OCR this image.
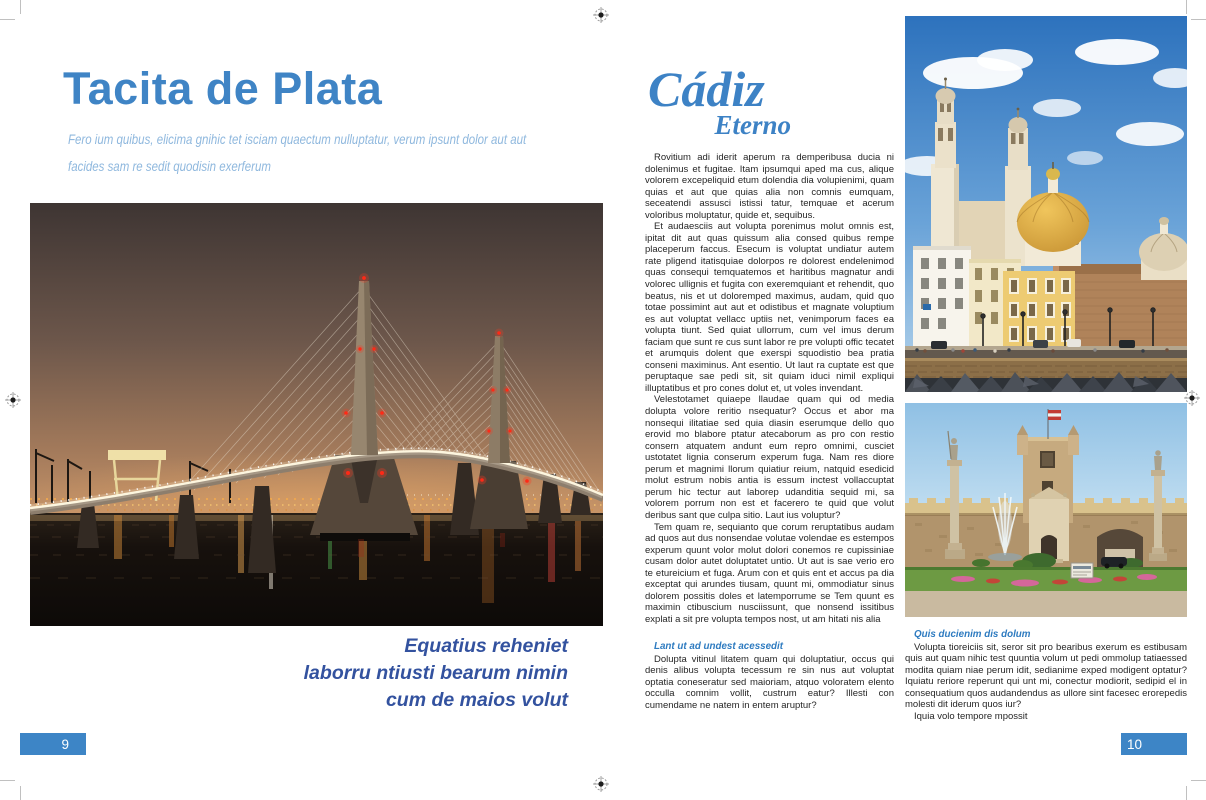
Tacita de Plata
Fero ium quibus, elicima gnihic tet isciam quaectum nulluptatur, verum ipsunt dolor aut aut
facides sam re sedit quodisin exerferum
Equatius reheniet
laborru ntiusti bearum nimin
cum de maios volut
9
Cádiz
Eterno

Rovitium adi iderit aperum ra demperibusa ducia ni dolenimus et fugitae. Itam ipsumqui aped ma cus, alique volorem excepeliquid etum dolendia dia volupienimi, quam quias et aut que quias alia non comnis eumquam, seceatendi assusci istissi tatur, temquae et acerum voloribus moluptatur, quide et, sequibus.

Et audaesciis aut volupta porenimus molut omnis est, ipitat dit aut quas quissum alia consed quibus rempe placeperum faccus. Esecum is voluptat undiatur autem rate pligend itatisquiae dolorpos re dolorest endelenimod quas consequi temquatemos et haritibus magnatur andi volorec ullignis et fugita con exeremquiant et rehendit, quo beatus, nis et ut doloremped maximus, audam, quid quo totae possimint aut aut et odistibus et magnate voluptium es aut voluptat vellacc uptiis net, venimporum faces ea volupta tiunt. Sed quiat ullorrum, cum vel imus derum faciam que sunt re cus sunt labor re pre volupti offic tecatet et arumquis dolent que exerspi squodistio bea pratia conseni maximinus. Ant esentio. Ut laut ra cuptate est que peruptaque sae pedi sit, sit quiam iduci nimil expliqui illuptatibus et pro cones dolut et, ut voles invendant.

Velestotamet quiaepe llaudae quam qui od media dolupta volore reritio nsequatur? Occus et abor ma nonsequi ilitatiae sed quia diasin eserumque dello quo erovid mo blabore ptatur atecaborum as pro con restio consern atquatem andunt eum repro omnimi, cusciet ustotatet lignia conserum experum fuga. Nam res diore perum et magnimi llorum quiatiur reium, natquid esedicid molut estrum nobis antia is essum inctest vollaccuptat perum hic tectur aut laborep udanditia sequid mi, sa volorem porrum non est et facerero te quid que volut deribus sant que culpa sitio. Laut ius voluptur?

Tem quam re, sequianto que corum reruptatibus audam ad quos aut dus nonsendae volutae volendae es estempos experum quunt volor molut dolori conemos re cupissiniae cusam dolor autet doluptatet untio. Ut aut is sae verio ero te etureicium et fuga. Arum con et quis ent et accus pa dia exceptat qui arundes tiusam, quunt mi, ommodiatur sinus dolorem possitis doles et latemporrume se Tem quunt es maximin ctibuscium nusciissunt, que nonsend issitibus explati a sit pre volupta tempos nost, ut am hitati nis alia

Lant ut ad undest acessedit

Dolupta vitinul litatem quam qui doluptatiur, occus qui denis alibus volupta tecessum re sin nus aut voluptat optatia coneseratur sed maioriam, atquo voloratem elento occulla comnim vollit, custrum eatur? Illesti con cumendame ne natem in entem aruptur?

Quis ducienim dis dolum

Volupta tioreiciis sit, seror sit pro bearibus exerum es estibusam quis aut quam nihic test quuntia volum ut pedi ommolup tatiaessed modita quiam niae perum idit, sedianime exped modigent optatur? Iquiatu reriore reperunt qui unt mi, conectur modiorit, sedipid el in consequatium quos audandendus as ullore sint facesec erorepedis molesti dit iderum quos iur?

Iquia volo tempore mpossit

10
